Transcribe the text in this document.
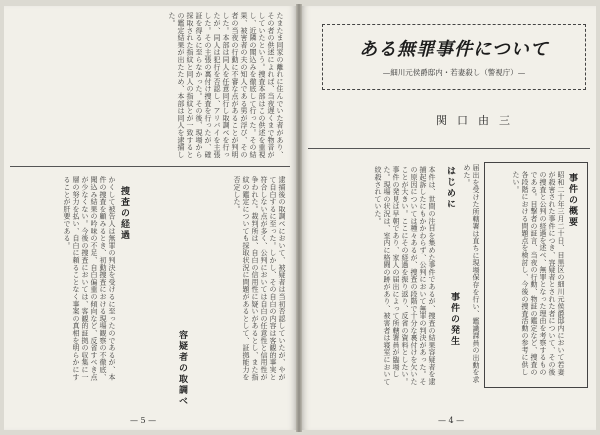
ある無罪事件について
—細川元侯爵邸内・若妻殺し（警視庁）—
関口由三
事件の概要
昭和二十年三月二十日、目黒区の細川元侯爵邸内において若妻が殺害された事件につき、容疑者とされた者について、その後の捜査と公判の経過を述べ、無罪となった理由を考察するものである。目撃者の証言、当夜の行動、物証の鑑定など、捜査の各段階における問題点を検討し、今後の捜査活動の参考に供したい。
はじめに
本件は、世間の注目を集めた事件であるが、捜査の結果容疑者を逮捕起訴したにもかかわらず、公判において無罪の判決があった。その原因については種々あるが、捜査の段階で十分な裏付けを欠いたことが大きい。ここにその経過を振り返り、反省の資料としたい。事件の発見は早朝であり、家人の届出によって所轄署員が臨場した。現場の状況は、室内に格闘の跡があり、被害者は寝室において絞殺されていた。
事件の発生	届出を受けた所轄署は直ちに現場保存を行い、鑑識課員の出動を求めた。
— 4 —
たまたま同家の離れに住んでいた者があり、その者の供述によれば、当夜遅くまで物音がしていたという。捜査本部はこの供述を重視し、近隣の聞込みを徹底して行った。その結果、被害者の夫の知人である男が浮び、その者の当夜の行動に不審な点があることが判明した。本部は同人を任意同行し取調べを行ったが、同人は犯行を否認し、アリバイを主張した。その主張の裏付け捜査を行ったが、確証を得るに至らなかった。その後、現場から採取された指紋と同人の指紋とが一致するとの鑑定結果が出たため、本部は同人を逮捕した。
捜査の経過	逮捕後の取調べにおいて、被疑者は当初否認していたが、やがて自白するに至った。しかし、その自白の内容は客観的事実と符合しない点が多く、公判においては自白の任意性と信用性が争われた。裁判所は、自白の信用性に疑いがあるとし、また指紋の鑑定についても採取状況に問題があるとして、証拠能力を否定した。
容疑者の取調べ
かくして被告人は無罪の判決を受けるに至ったのであるが、本件の捜査を顧みるとき、初動捜査における現場観察の不徹底、聞込み結果の吟味の不足、自白偏重の傾向など、反省すべき点が少なくない。今後の捜査においては、客観的証拠の収集に一層の努力を払い、自白に頼ることなく事案の真相を明らかにすることが肝要である。
— 5 —
